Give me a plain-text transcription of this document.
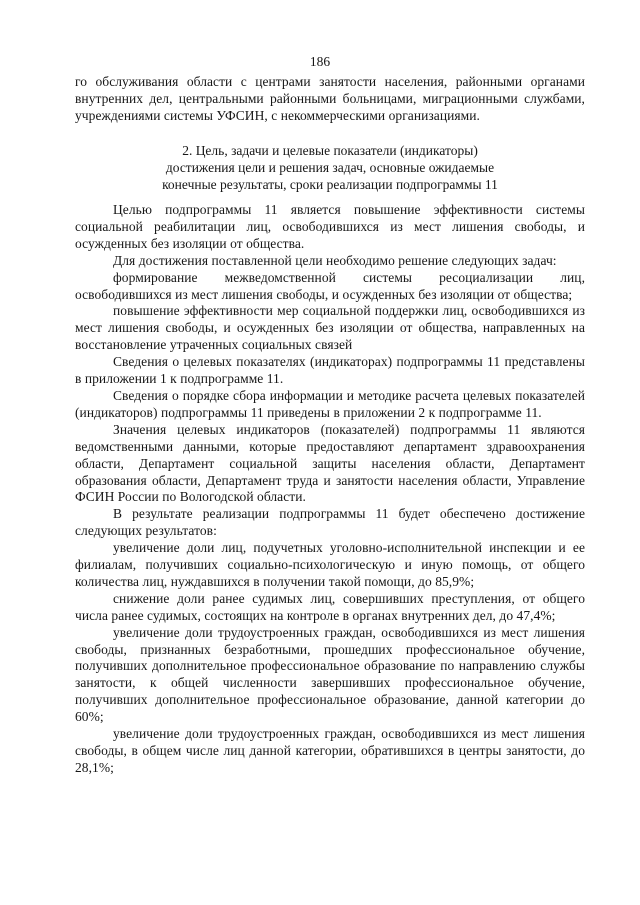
186

го обслуживания области с центрами занятости населения, районными органами внутренних дел, центральными районными больницами, миграционными службами, учреждениями системы УФСИН, с некоммерческими организациями.

2. Цель, задачи и целевые показатели (индикаторы)
достижения цели и решения задач, основные ожидаемые
конечные результаты, сроки реализации подпрограммы 11

Целью подпрограммы 11 является повышение эффективности системы социальной реабилитации лиц, освободившихся из мест лишения свободы, и осужденных без изоляции от общества.

Для достижения поставленной цели необходимо решение следующих задач:

формирование межведомственной системы ресоциализации лиц, освободившихся из мест лишения свободы, и осужденных без изоляции от общества;

повышение эффективности мер социальной поддержки лиц, освободившихся из мест лишения свободы, и осужденных без изоляции от общества, направленных на восстановление утраченных социальных связей

Сведения о целевых показателях (индикаторах) подпрограммы 11 представлены в приложении 1 к подпрограмме 11.

Сведения о порядке сбора информации и методике расчета целевых показателей (индикаторов) подпрограммы 11 приведены в приложении 2 к подпрограмме 11.

Значения целевых индикаторов (показателей) подпрограммы 11 являются ведомственными данными, которые предоставляют департамент здравоохранения области, Департамент социальной защиты населения области, Департамент образования области, Департамент труда и занятости населения области, Управление ФСИН России по Вологодской области.

В результате реализации подпрограммы 11 будет обеспечено достижение следующих результатов:

увеличение доли лиц, подучетных уголовно-исполнительной инспекции и ее филиалам, получивших социально-психологическую и иную помощь, от общего количества лиц, нуждавшихся в получении такой помощи, до 85,9%;

снижение доли ранее судимых лиц, совершивших преступления, от общего числа ранее судимых, состоящих на контроле в органах внутренних дел, до 47,4%;

увеличение доли трудоустроенных граждан, освободившихся из мест лишения свободы, признанных безработными, прошедших профессиональное обучение, получивших дополнительное профессиональное образование по направлению службы занятости, к общей численности завершивших профессиональное обучение, получивших дополнительное профессиональное образование, данной категории до 60%;

увеличение доли трудоустроенных граждан, освободившихся из мест лишения свободы, в общем числе лиц данной категории, обратившихся в центры занятости, до 28,1%;
